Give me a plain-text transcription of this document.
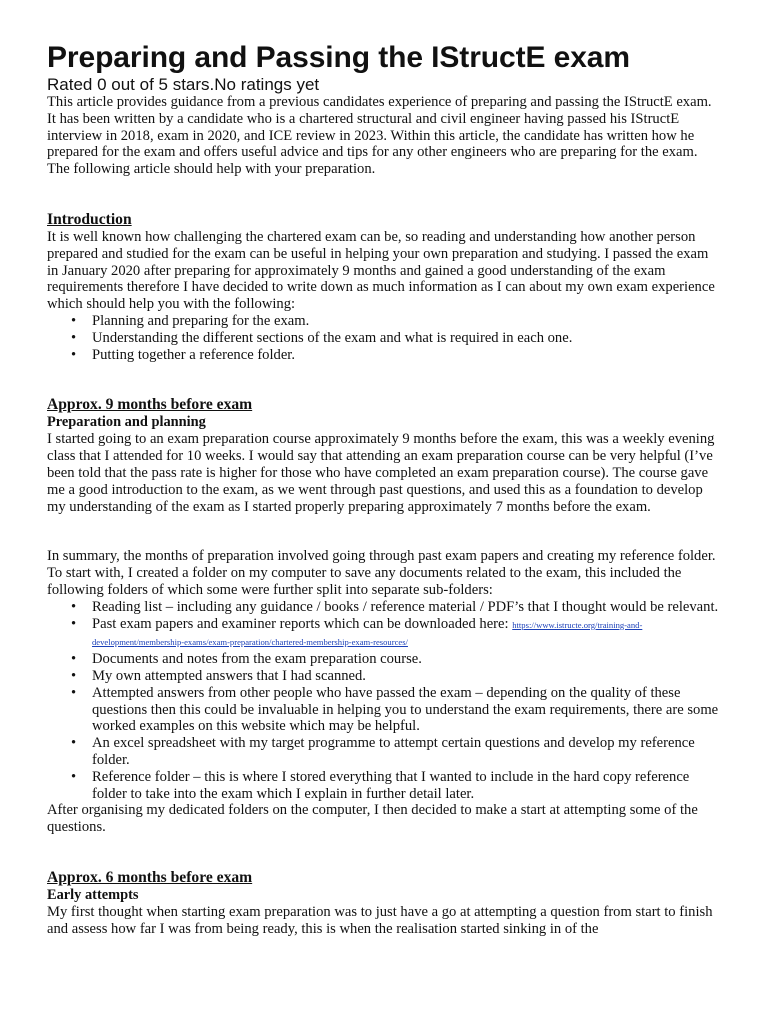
Preparing and Passing the IStructE exam

Rated 0 out of 5 stars.No ratings yet

This article provides guidance from a previous candidates experience of preparing and passing the IStructE exam. It has been written by a candidate who is a chartered structural and civil engineer having passed his IStructE interview in 2018, exam in 2020, and ICE review in 2023. Within this article, the candidate has written how he prepared for the exam and offers useful advice and tips for any other engineers who are preparing for the exam. The following article should help with your preparation.

Introduction

It is well known how challenging the chartered exam can be, so reading and understanding how another person prepared and studied for the exam can be useful in helping your own preparation and studying. I passed the exam in January 2020 after preparing for approximately 9 months and gained a good understanding of the exam requirements therefore I have decided to write down as much information as I can about my own exam experience which should help you with the following:

• Planning and preparing for the exam.
• Understanding the different sections of the exam and what is required in each one.
• Putting together a reference folder.
Approx. 9 months before exam
Preparation and planning

I started going to an exam preparation course approximately 9 months before the exam, this was a weekly evening class that I attended for 10 weeks. I would say that attending an exam preparation course can be very helpful (I’ve been told that the pass rate is higher for those who have completed an exam preparation course). The course gave me a good introduction to the exam, as we went through past questions, and used this as a foundation to develop my understanding of the exam as I started properly preparing approximately 7 months before the exam.

In summary, the months of preparation involved going through past exam papers and creating my reference folder. To start with, I created a folder on my computer to save any documents related to the exam, this included the following folders of which some were further split into separate sub-folders:

• Reading list – including any guidance / books / reference material / PDF’s that I thought would be relevant.
• Past exam papers and examiner reports which can be downloaded here: https://www.istructe.org/training-and-development/membership-exams/exam-preparation/chartered-membership-exam-resources/
• Documents and notes from the exam preparation course.
• My own attempted answers that I had scanned.
• Attempted answers from other people who have passed the exam – depending on the quality of these questions then this could be invaluable in helping you to understand the exam requirements, there are some worked examples on this website which may be helpful.
• An excel spreadsheet with my target programme to attempt certain questions and develop my reference folder.
• Reference folder – this is where I stored everything that I wanted to include in the hard copy reference folder to take into the exam which I explain in further detail later.

After organising my dedicated folders on the computer, I then decided to make a start at attempting some of the questions.

Approx. 6 months before exam
Early attempts

My first thought when starting exam preparation was to just have a go at attempting a question from start to finish and assess how far I was from being ready, this is when the realisation started sinking in of the
